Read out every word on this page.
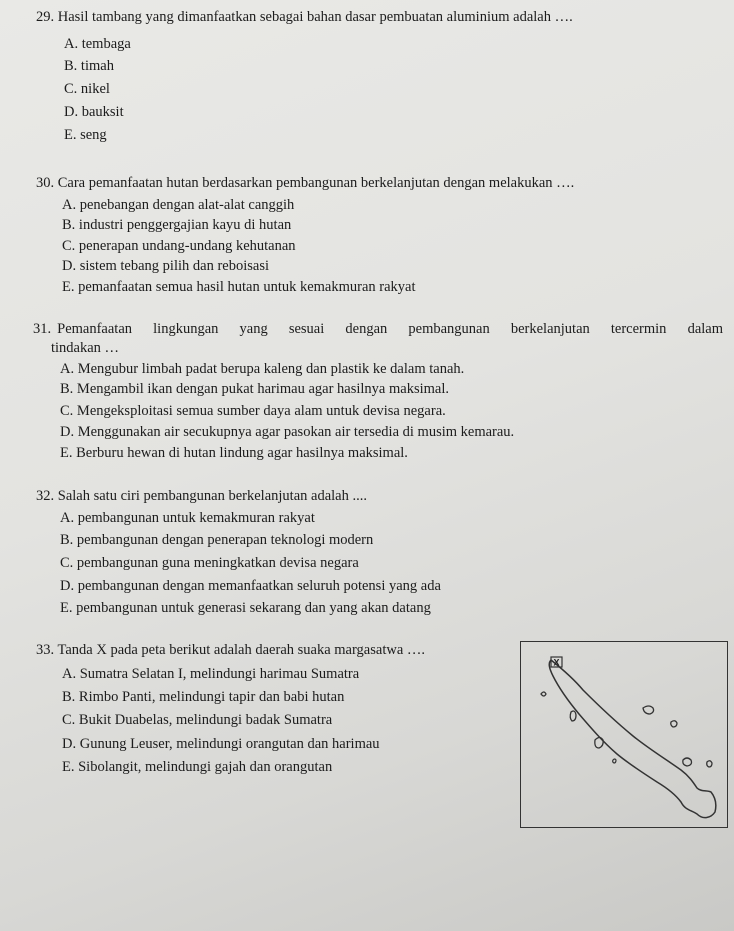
29. Hasil tambang yang dimanfaatkan sebagai bahan dasar pembuatan aluminium adalah ….
A. tembaga
B. timah
C. nikel
D. bauksit
E. seng
30. Cara pemanfaatan hutan berdasarkan pembangunan berkelanjutan dengan melakukan ….
A. penebangan dengan alat-alat canggih
B. industri penggergajian kayu di hutan
C. penerapan undang-undang kehutanan
D. sistem tebang pilih dan reboisasi
E. pemanfaatan semua hasil hutan untuk kemakmuran rakyat
31. Pemanfaatan lingkungan yang sesuai dengan pembangunan berkelanjutan tercermin dalam
tindakan …
A. Mengubur limbah padat berupa kaleng dan plastik ke dalam tanah.
B. Mengambil ikan dengan pukat harimau agar hasilnya maksimal.
C. Mengeksploitasi semua sumber daya alam untuk devisa negara.
D. Menggunakan air secukupnya agar pasokan air tersedia di musim kemarau.
E. Berburu hewan di hutan lindung agar hasilnya maksimal.
32. Salah satu ciri pembangunan berkelanjutan adalah ....
A. pembangunan untuk kemakmuran rakyat
B. pembangunan dengan penerapan teknologi modern
C. pembangunan guna meningkatkan devisa negara
D. pembangunan dengan memanfaatkan seluruh potensi yang ada
E. pembangunan untuk generasi sekarang dan yang akan datang
33. Tanda X pada peta berikut adalah daerah suaka margasatwa ….
A. Sumatra Selatan I, melindungi harimau Sumatra
B. Rimbo Panti, melindungi tapir dan babi hutan
C. Bukit Duabelas, melindungi badak Sumatra
D. Gunung Leuser, melindungi orangutan dan harimau
E. Sibolangit, melindungi gajah dan orangutan
X
